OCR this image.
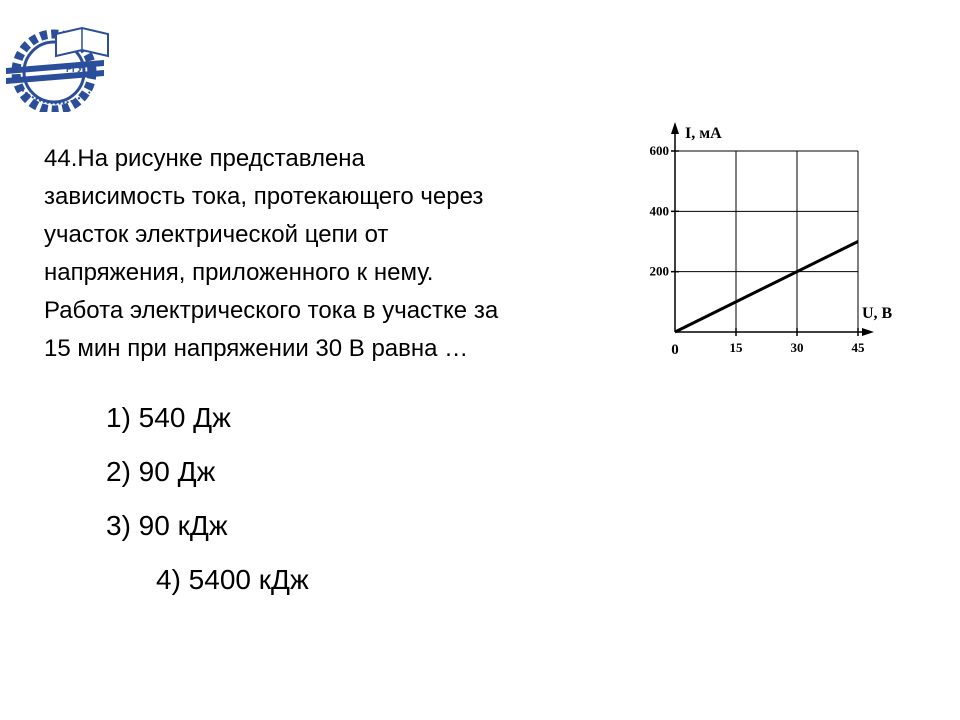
РГУПС
44.На рисунке представлена
зависимость тока, протекающего через
участок электрической цепи от
напряжения, приложенного к нему.
Работа электрического тока в участке за
15 мин при напряжении 30 В равна …
1) 540 Дж
2) 90 Дж
3) 90 кДж
4) 5400 кДж
200
400
600
15	30	45
0
I, мА
U, В
